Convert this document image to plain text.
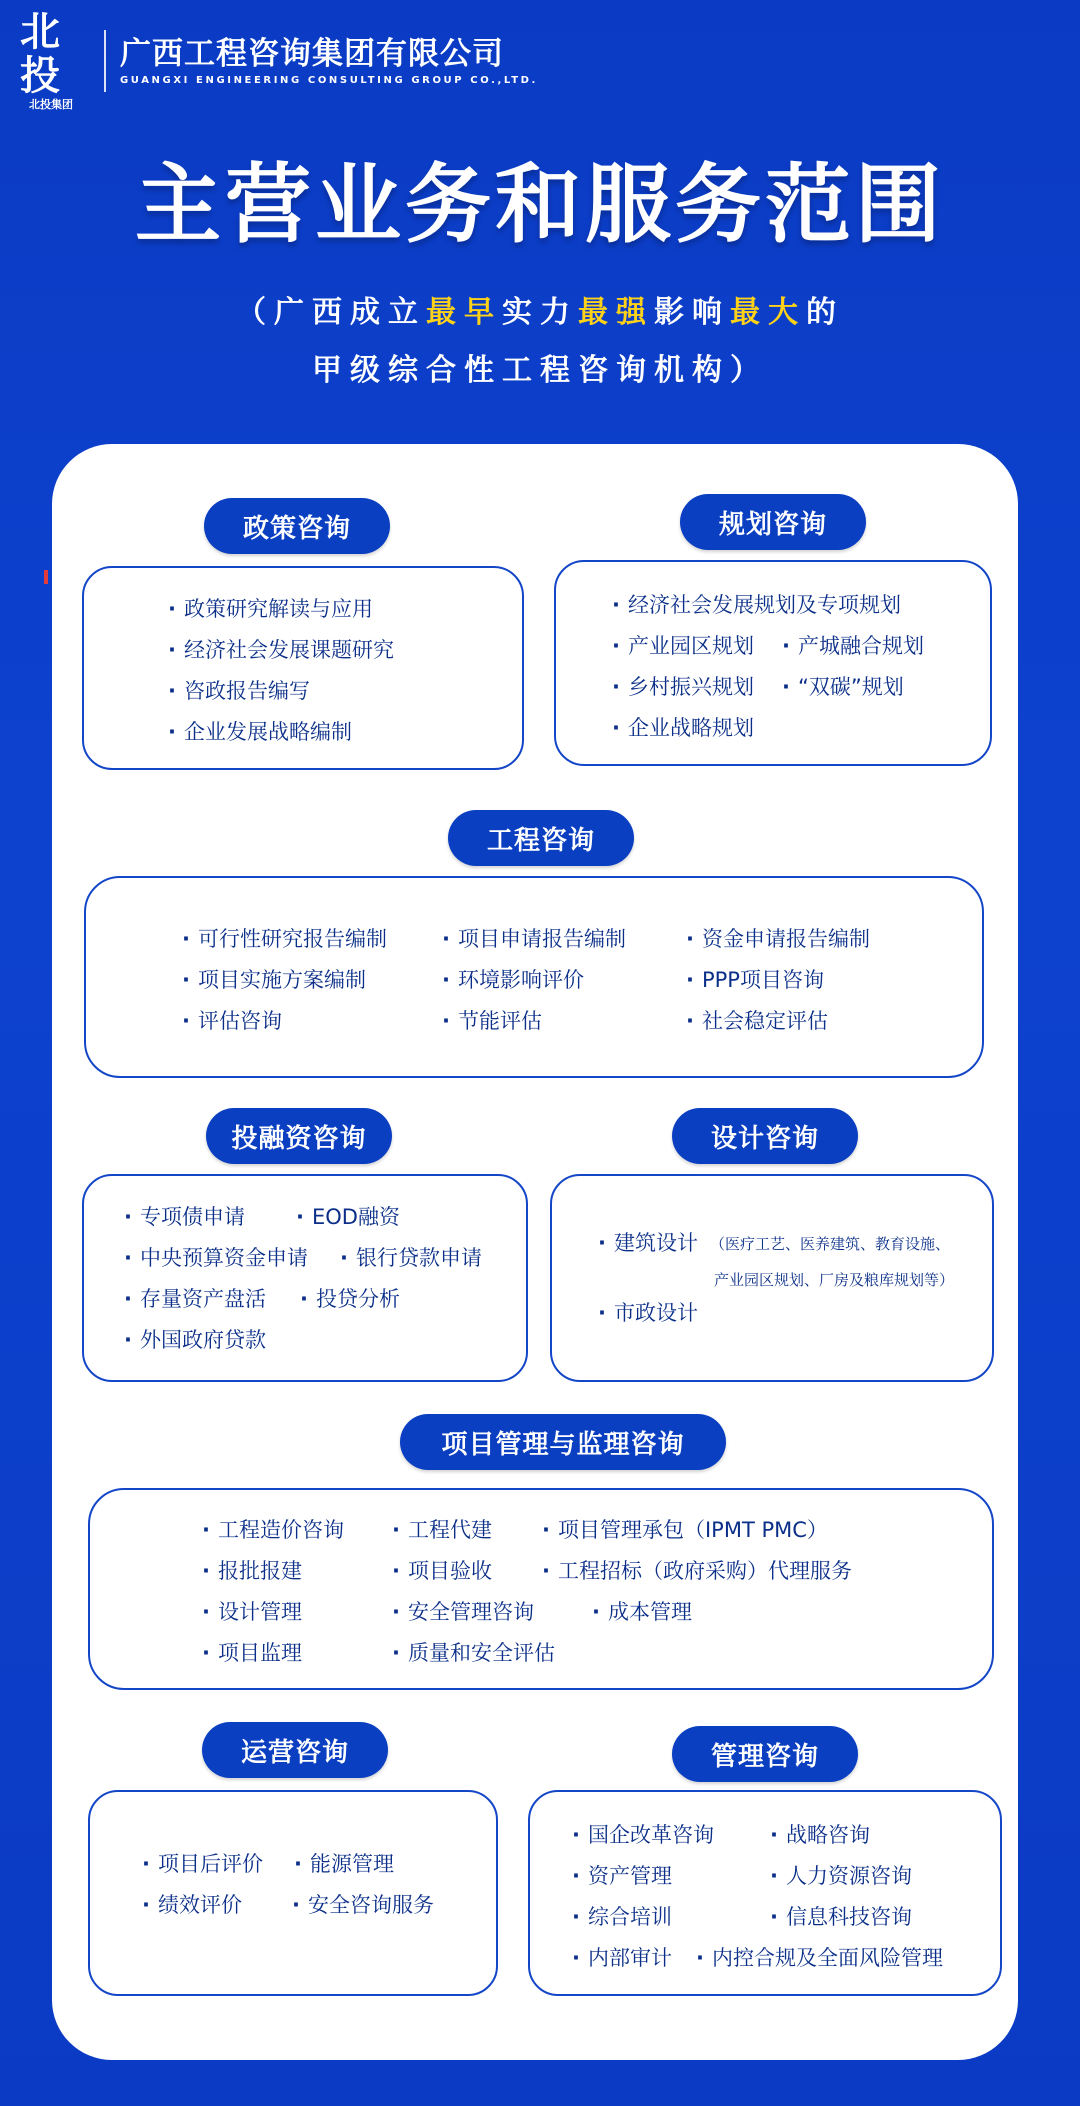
北投
北投集团
广西工程咨询集团有限公司
GUANGXI ENGINEERING CONSULTING GROUP CO.,LTD.
主营业务和服务范围
（广西成立最早实力最强影响最大的
甲级综合性工程咨询机构）
政策咨询
· 政策研究解读与应用
· 经济社会发展课题研究
· 咨政报告编写
· 企业发展战略编制
规划咨询
· 经济社会发展规划及专项规划
· 产业园区规划	· 产城融合规划
· 乡村振兴规划	· “双碳”规划
· 企业战略规划
工程咨询
· 可行性研究报告编制	· 项目申请报告编制	· 资金申请报告编制
· 项目实施方案编制	· 环境影响评价	· PPP项目咨询
· 评估咨询	· 节能评估	· 社会稳定评估
投融资咨询
· 专项债申请	· EOD融资
· 中央预算资金申请	· 银行贷款申请
· 存量资产盘活	· 投贷分析
· 外国政府贷款
设计咨询
· 建筑设计 （医疗工艺、医养建筑、教育设施、
产业园区规划、厂房及粮库规划等）
· 市政设计
项目管理与监理咨询
· 工程造价咨询	· 工程代建	· 项目管理承包（IPMT PMC）
· 报批报建	· 项目验收	· 工程招标（政府采购）代理服务
· 设计管理	· 安全管理咨询	· 成本管理
· 项目监理	· 质量和安全评估
运营咨询
· 项目后评价	· 能源管理
· 绩效评价	· 安全咨询服务
管理咨询
· 国企改革咨询	· 战略咨询
· 资产管理	· 人力资源咨询
· 综合培训	· 信息科技咨询
· 内部审计	· 内控合规及全面风险管理
